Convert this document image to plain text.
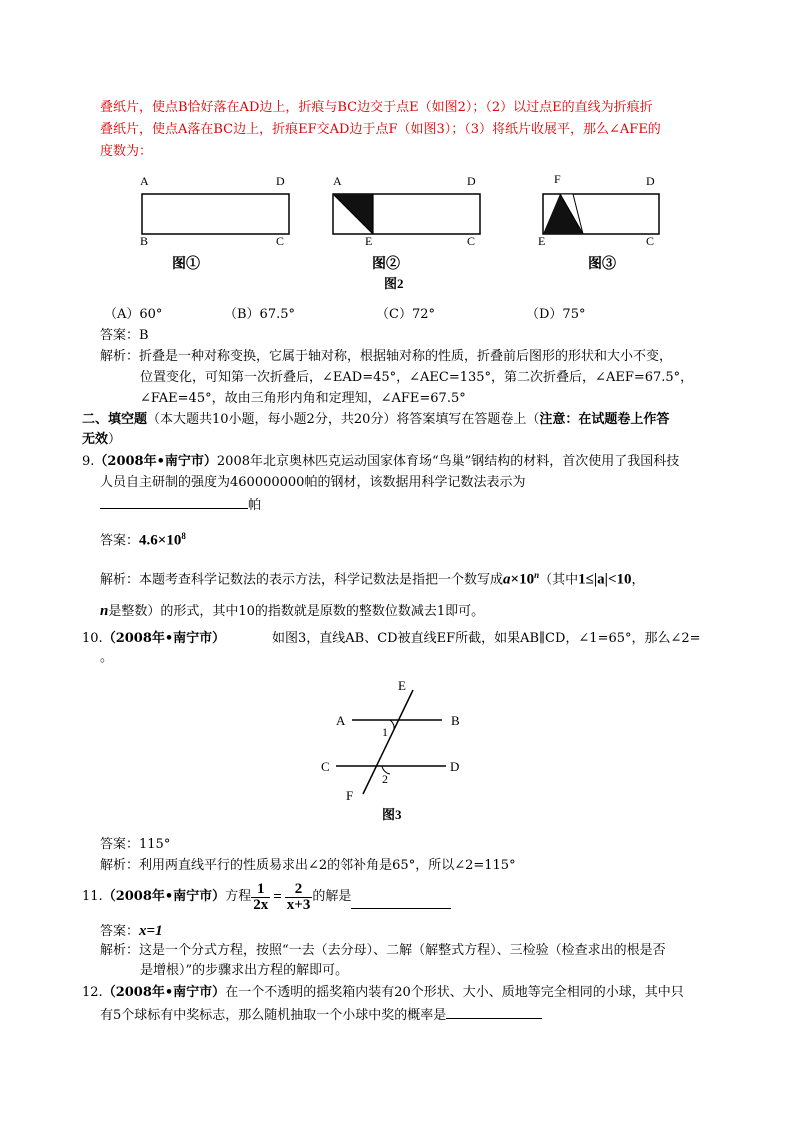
叠纸片，使点B恰好落在AD边上，折痕与BC边交于点E（如图2）；（2）以过点E的直线为折痕折
叠纸片，使点A落在BC边上，折痕EF交AD边于点F（如图3）；（3）将纸片收展平，那么∠AFE的
度数为：
A	D
B	C
图①
A	D
E	C
图②
图2
F	D
E	C
图③
（A）60°	（B）67.5°	（C）72°	（D）75°
答案：B
解析：折叠是一种对称变换，它属于轴对称，根据轴对称的性质，折叠前后图形的形状和大小不变，
位置变化，可知第一次折叠后，∠EAD=45°，∠AEC=135°，第二次折叠后，∠AEF=67.5°，
∠FAE=45°，故由三角形内角和定理知，∠AFE=67.5°
二、填空题（本大题共10小题，每小题2分，共20分）将答案填写在答题卷上（注意：在试题卷上作答
无效）
9.（2008年•南宁市）2008年北京奥林匹克运动国家体育场“鸟巢”钢结构的材料，首次使用了我国科技
人员自主研制的强度为460000000帕的钢材，该数据用科学记数法表示为
帕
答案：$4.6\times 10^8$
解析：本题考查科学记数法的表示方法，科学记数法是指把一个数写成$a\times 10^n$（其中1≤|a|<10，
n是整数）的形式，其中10的指数就是原数的整数位数减去1即可。
10.（2008年•南宁市）	如图3，直线AB、CD被直线EF所截，如果AB∥CD，∠1=65°，那么∠2=
。
E
A	B
1
C	D
2
F
图3
答案：115°
解析：利用两直线平行的性质易求出∠2的邻补角是65°，所以∠2=115°
11. （2008年•南宁市） 方程 $\frac{1}{2x} = \frac{2}{x+3}$ 的解是
答案：x=1
解析：这是一个分式方程，按照“一去（去分母）、二解（解整式方程）、三检验（检查求出的根是否
是增根）”的步骤求出方程的解即可。
12.（2008年•南宁市）在一个不透明的摇奖箱内装有20个形状、大小、质地等完全相同的小球，其中只
有5个球标有中奖标志，那么随机抽取一个小球中奖的概率是
